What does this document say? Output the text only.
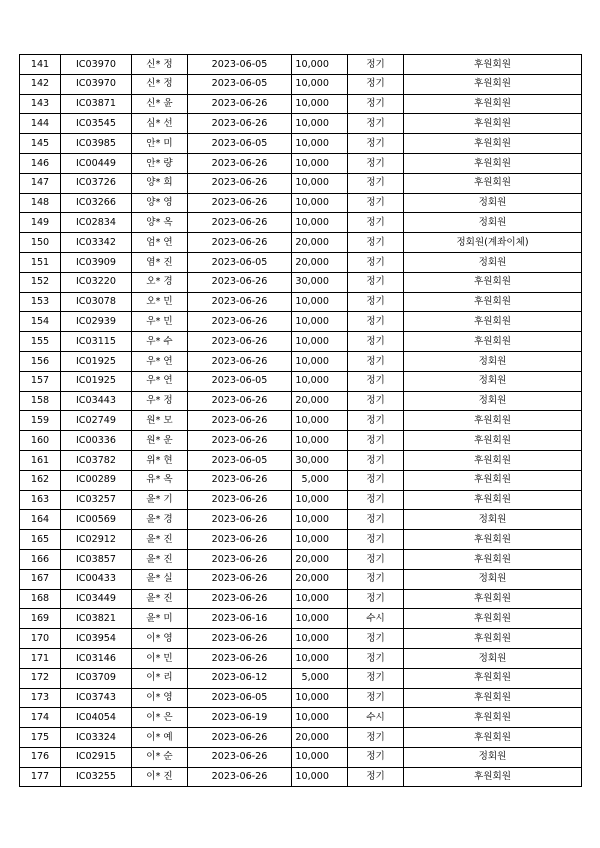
141	IC03970	신* 정	2023-06-05	10,000	정기	후원회원
142	IC03970	신* 정	2023-06-05	10,000	정기	후원회원
143	IC03871	신* 윤	2023-06-26	10,000	정기	후원회원
144	IC03545	심* 선	2023-06-26	10,000	정기	후원회원
145	IC03985	안* 미	2023-06-05	10,000	정기	후원회원
146	IC00449	안* 량	2023-06-26	10,000	정기	후원회원
147	IC03726	양* 희	2023-06-26	10,000	정기	후원회원
148	IC03266	양* 영	2023-06-26	10,000	정기	정회원
149	IC02834	양* 옥	2023-06-26	10,000	정기	정회원
150	IC03342	엄* 연	2023-06-26	20,000	정기	정회원(계좌이체)
151	IC03909	염* 진	2023-06-05	20,000	정기	정회원
152	IC03220	오* 경	2023-06-26	30,000	정기	후원회원
153	IC03078	오* 민	2023-06-26	10,000	정기	후원회원
154	IC02939	우* 민	2023-06-26	10,000	정기	후원회원
155	IC03115	우* 수	2023-06-26	10,000	정기	후원회원
156	IC01925	우* 연	2023-06-26	10,000	정기	정회원
157	IC01925	우* 연	2023-06-05	10,000	정기	정회원
158	IC03443	우* 정	2023-06-26	20,000	정기	정회원
159	IC02749	원* 모	2023-06-26	10,000	정기	후원회원
160	IC00336	원* 운	2023-06-26	10,000	정기	후원회원
161	IC03782	위* 현	2023-06-05	30,000	정기	후원회원
162	IC00289	유* 옥	2023-06-26	5,000	정기	후원회원
163	IC03257	윤* 기	2023-06-26	10,000	정기	후원회원
164	IC00569	윤* 경	2023-06-26	10,000	정기	정회원
165	IC02912	윤* 진	2023-06-26	10,000	정기	후원회원
166	IC03857	윤* 진	2023-06-26	20,000	정기	후원회원
167	IC00433	윤* 실	2023-06-26	20,000	정기	정회원
168	IC03449	윤* 진	2023-06-26	10,000	정기	후원회원
169	IC03821	윤* 미	2023-06-16	10,000	수시	후원회원
170	IC03954	이* 영	2023-06-26	10,000	정기	후원회원
171	IC03146	이* 민	2023-06-26	10,000	정기	정회원
172	IC03709	이* 리	2023-06-12	5,000	정기	후원회원
173	IC03743	이* 영	2023-06-05	10,000	정기	후원회원
174	IC04054	이* 은	2023-06-19	10,000	수시	후원회원
175	IC03324	이* 예	2023-06-26	20,000	정기	후원회원
176	IC02915	이* 순	2023-06-26	10,000	정기	정회원
177	IC03255	이* 진	2023-06-26	10,000	정기	후원회원
